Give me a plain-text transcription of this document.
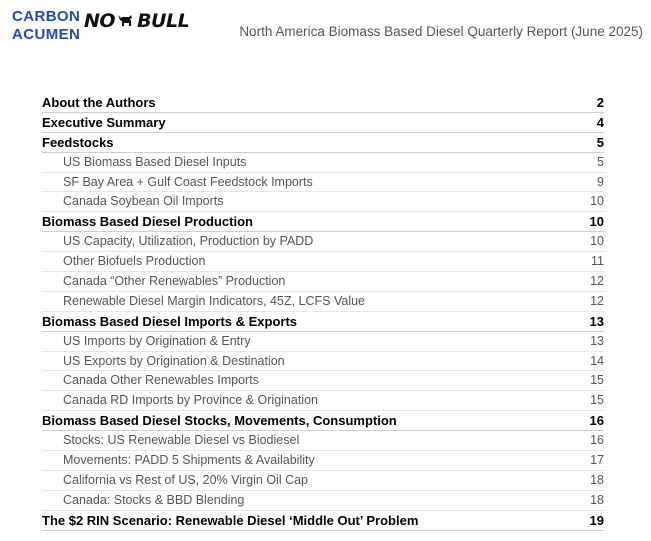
CARBON
ACUMEN
NO BULL	North America Biomass Based Diesel Quarterly Report (June 2025)
About the Authors	2
Executive Summary	4
Feedstocks	5
US Biomass Based Diesel Inputs	5
SF Bay Area + Gulf Coast Feedstock Imports	9
Canada Soybean Oil Imports	10
Biomass Based Diesel Production	10
US Capacity, Utilization, Production by PADD	10
Other Biofuels Production	11
Canada “Other Renewables” Production	12
Renewable Diesel Margin Indicators, 45Z, LCFS Value	12
Biomass Based Diesel Imports & Exports	13
US Imports by Origination & Entry	13
US Exports by Origination & Destination	14
Canada Other Renewables Imports	15
Canada RD Imports by Province & Origination	15
Biomass Based Diesel Stocks, Movements, Consumption	16
Stocks: US Renewable Diesel vs Biodiesel	16
Movements: PADD 5 Shipments & Availability	17
California vs Rest of US, 20% Virgin Oil Cap	18
Canada: Stocks & BBD Blending	18
The $2 RIN Scenario: Renewable Diesel ‘Middle Out’ Problem	19
